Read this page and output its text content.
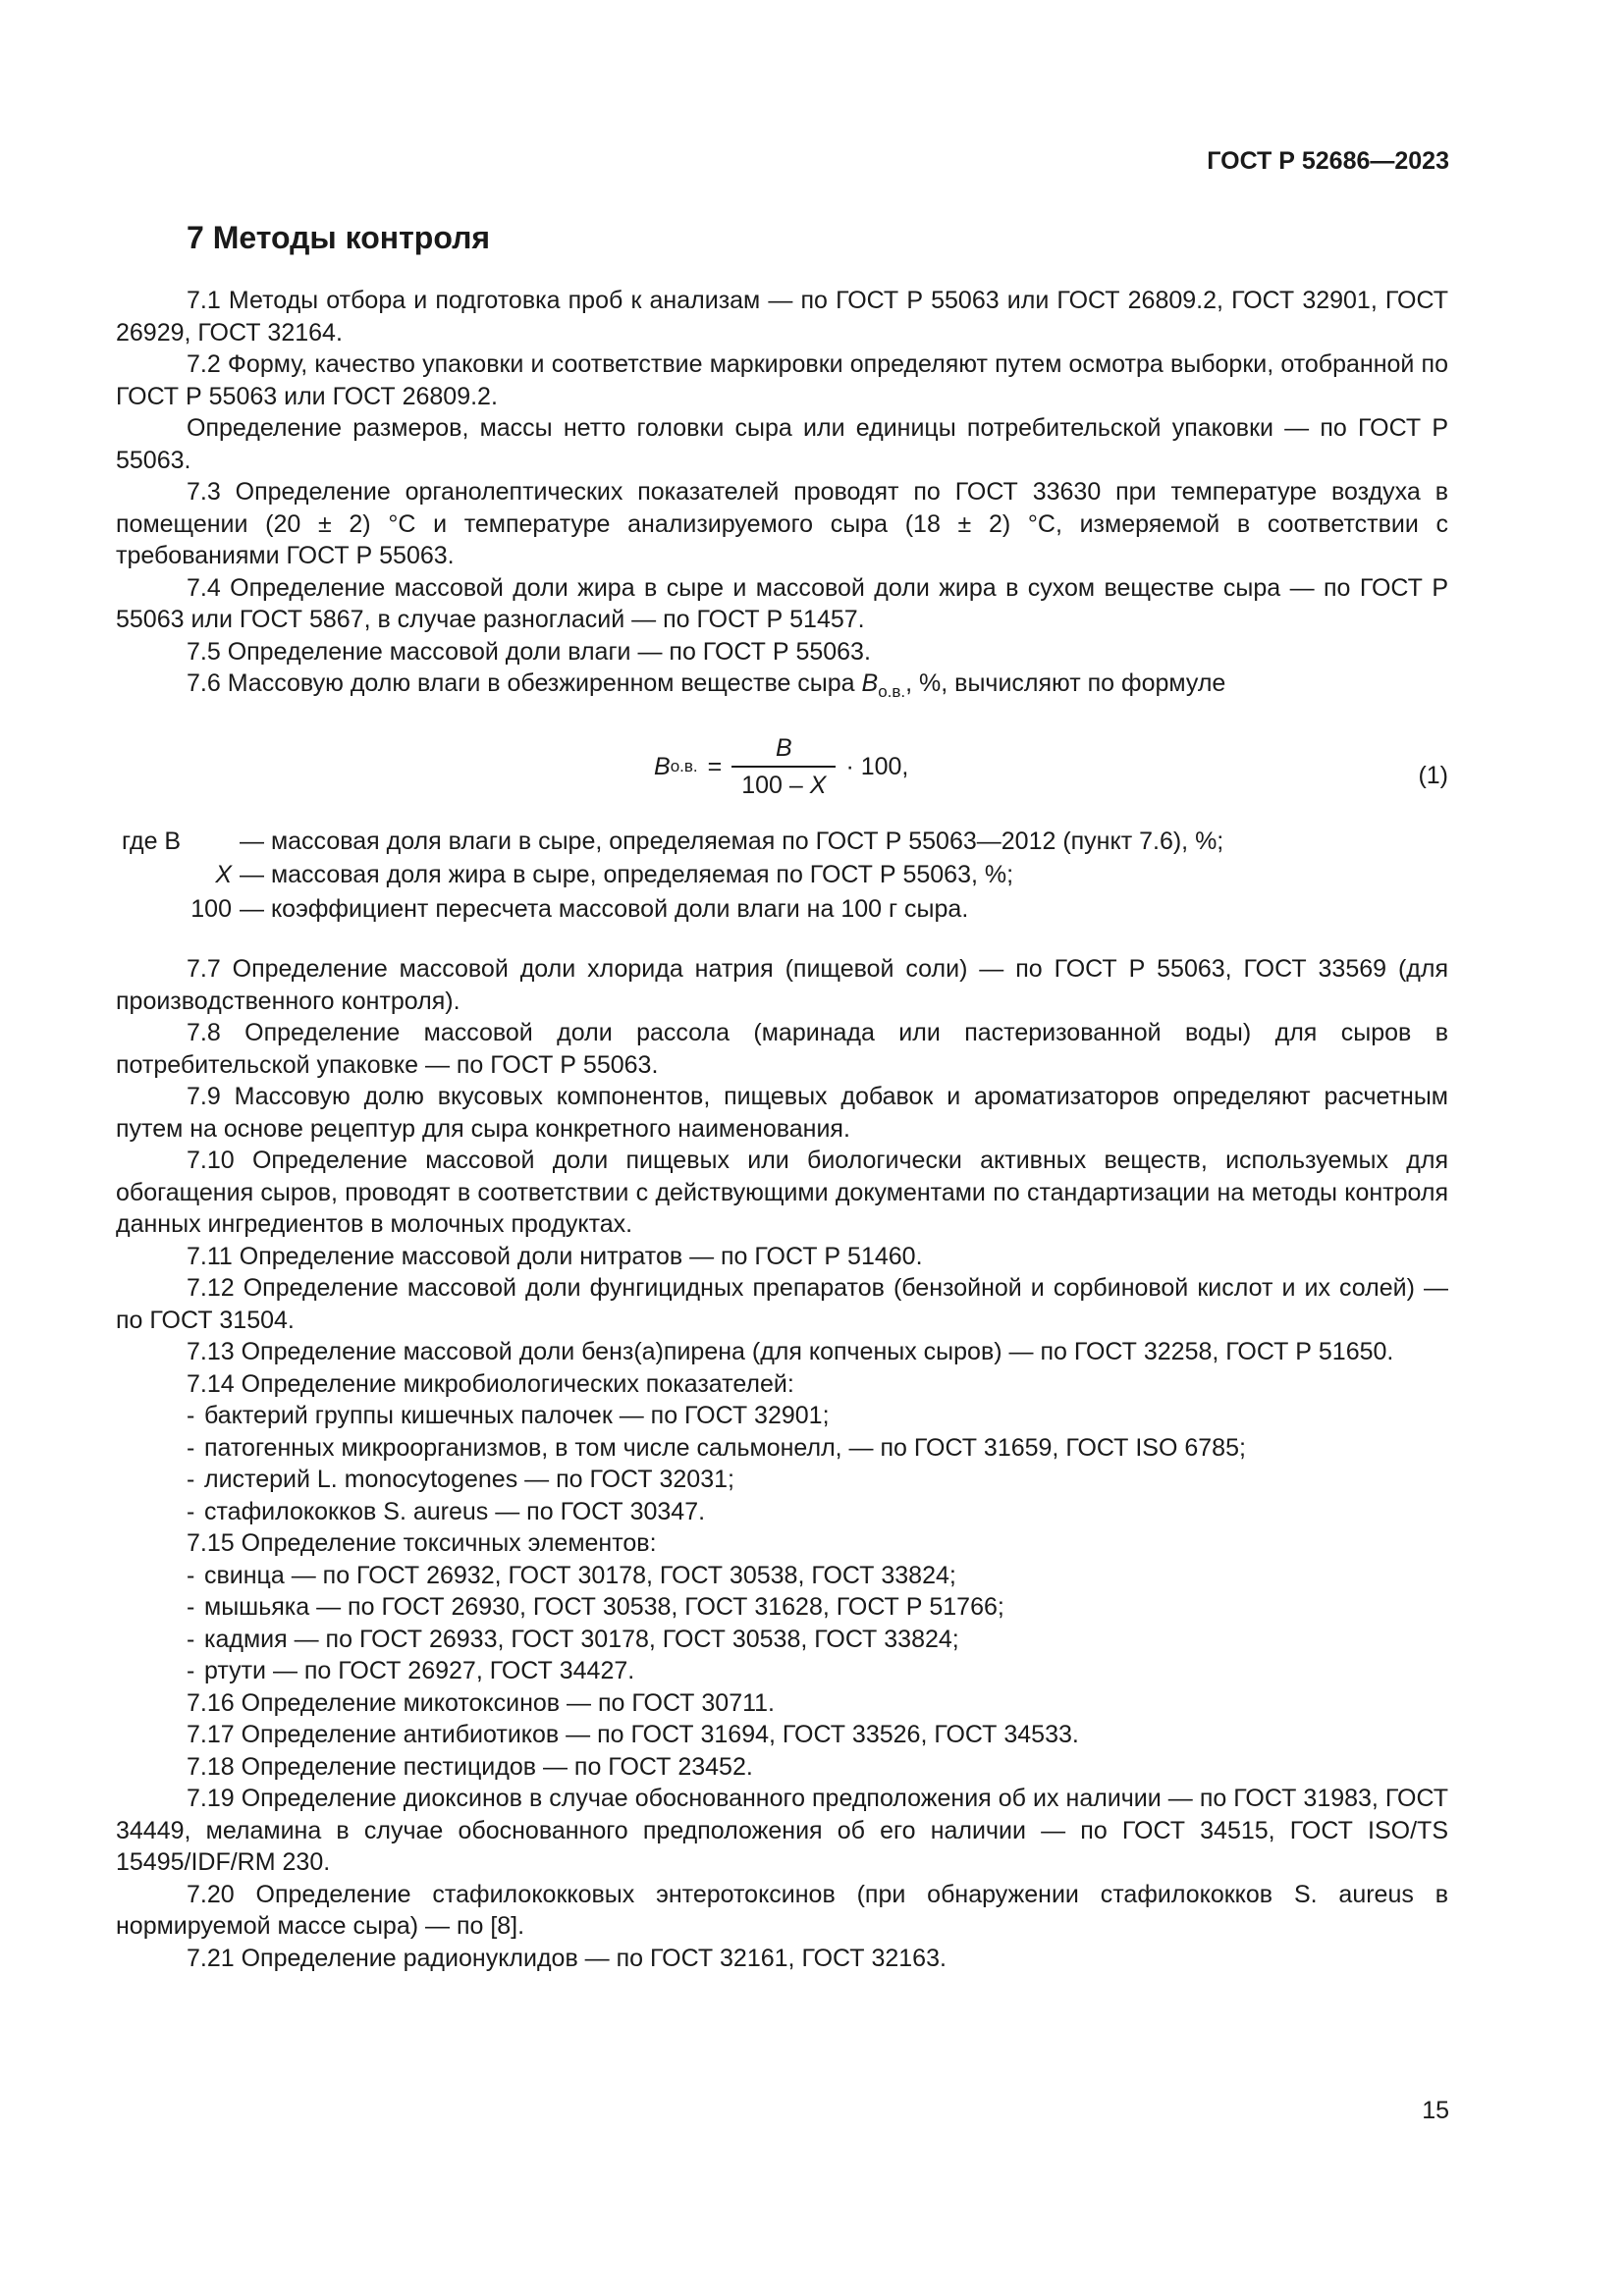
ГОСТ Р 52686—2023
7 Методы контроля

7.1 Методы отбора и подготовка проб к анализам — по ГОСТ Р 55063 или ГОСТ 26809.2, ГОСТ 32901, ГОСТ 26929, ГОСТ 32164.

7.2 Форму, качество упаковки и соответствие маркировки определяют путем осмотра выборки, отобранной по ГОСТ Р 55063 или ГОСТ 26809.2.

Определение размеров, массы нетто головки сыра или единицы потребительской упаковки — по ГОСТ Р 55063.

7.3 Определение органолептических показателей проводят по ГОСТ 33630 при температуре воздуха в помещении (20 ± 2) °С и температуре анализируемого сыра (18 ± 2) °С, измеряемой в соответствии с требованиями ГОСТ Р 55063.

7.4 Определение массовой доли жира в сыре и массовой доли жира в сухом веществе сыра — по ГОСТ Р 55063 или ГОСТ 5867, в случае разногласий — по ГОСТ Р 51457.

7.5 Определение массовой доли влаги — по ГОСТ Р 55063.

7.6 Массовую долю влаги в обезжиренном веществе сыра $В_{о.в.}$, %, вычисляют по формуле

В о.в. = $\frac{В}{100 - X} \cdot 100$,	(1)
где В	— массовая доля влаги в сыре, определяемая по ГОСТ Р 55063—2012 (пункт 7.6), %;
Х — массовая доля жира в сыре, определяемая по ГОСТ Р 55063, %;
100 — коэффициент пересчета массовой доли влаги на 100 г сыра.

7.7 Определение массовой доли хлорида натрия (пищевой соли) — по ГОСТ Р 55063, ГОСТ 33569 (для производственного контроля).

7.8 Определение массовой доли рассола (маринада или пастеризованной воды) для сыров в потребительской упаковке — по ГОСТ Р 55063.

7.9 Массовую долю вкусовых компонентов, пищевых добавок и ароматизаторов определяют расчетным путем на основе рецептур для сыра конкретного наименования.

7.10 Определение массовой доли пищевых или биологически активных веществ, используемых для обогащения сыров, проводят в соответствии с действующими документами по стандартизации на методы контроля данных ингредиентов в молочных продуктах.

7.11 Определение массовой доли нитратов — по ГОСТ Р 51460.

7.12 Определение массовой доли фунгицидных препаратов (бензойной и сорбиновой кислот и их солей) — по ГОСТ 31504.

7.13 Определение массовой доли бенз(а)пирена (для копченых сыров) — по ГОСТ 32258, ГОСТ Р 51650.

7.14 Определение микробиологических показателей:

- бактерий группы кишечных палочек — по ГОСТ 32901;
- патогенных микроорганизмов, в том числе сальмонелл, — по ГОСТ 31659, ГОСТ ISO 6785;
- листерий L. monocytogenes — по ГОСТ 32031;
- стафилококков S. aureus — по ГОСТ 30347.

7.15 Определение токсичных элементов:

- свинца — по ГОСТ 26932, ГОСТ 30178, ГОСТ 30538, ГОСТ 33824;
- мышьяка — по ГОСТ 26930, ГОСТ 30538, ГОСТ 31628, ГОСТ Р 51766;
- кадмия — по ГОСТ 26933, ГОСТ 30178, ГОСТ 30538, ГОСТ 33824;
- ртути — по ГОСТ 26927, ГОСТ 34427.

7.16 Определение микотоксинов — по ГОСТ 30711.

7.17 Определение антибиотиков — по ГОСТ 31694, ГОСТ 33526, ГОСТ 34533.

7.18 Определение пестицидов — по ГОСТ 23452.

7.19 Определение диоксинов в случае обоснованного предположения об их наличии — по ГОСТ 31983, ГОСТ 34449, меламина в случае обоснованного предположения об его наличии — по ГОСТ 34515, ГОСТ ISO/TS 15495/IDF/RM 230.

7.20 Определение стафилококковых энтеротоксинов (при обнаружении стафилококков S. aureus в нормируемой массе сыра) — по [8].

7.21 Определение радионуклидов — по ГОСТ 32161, ГОСТ 32163.

15
